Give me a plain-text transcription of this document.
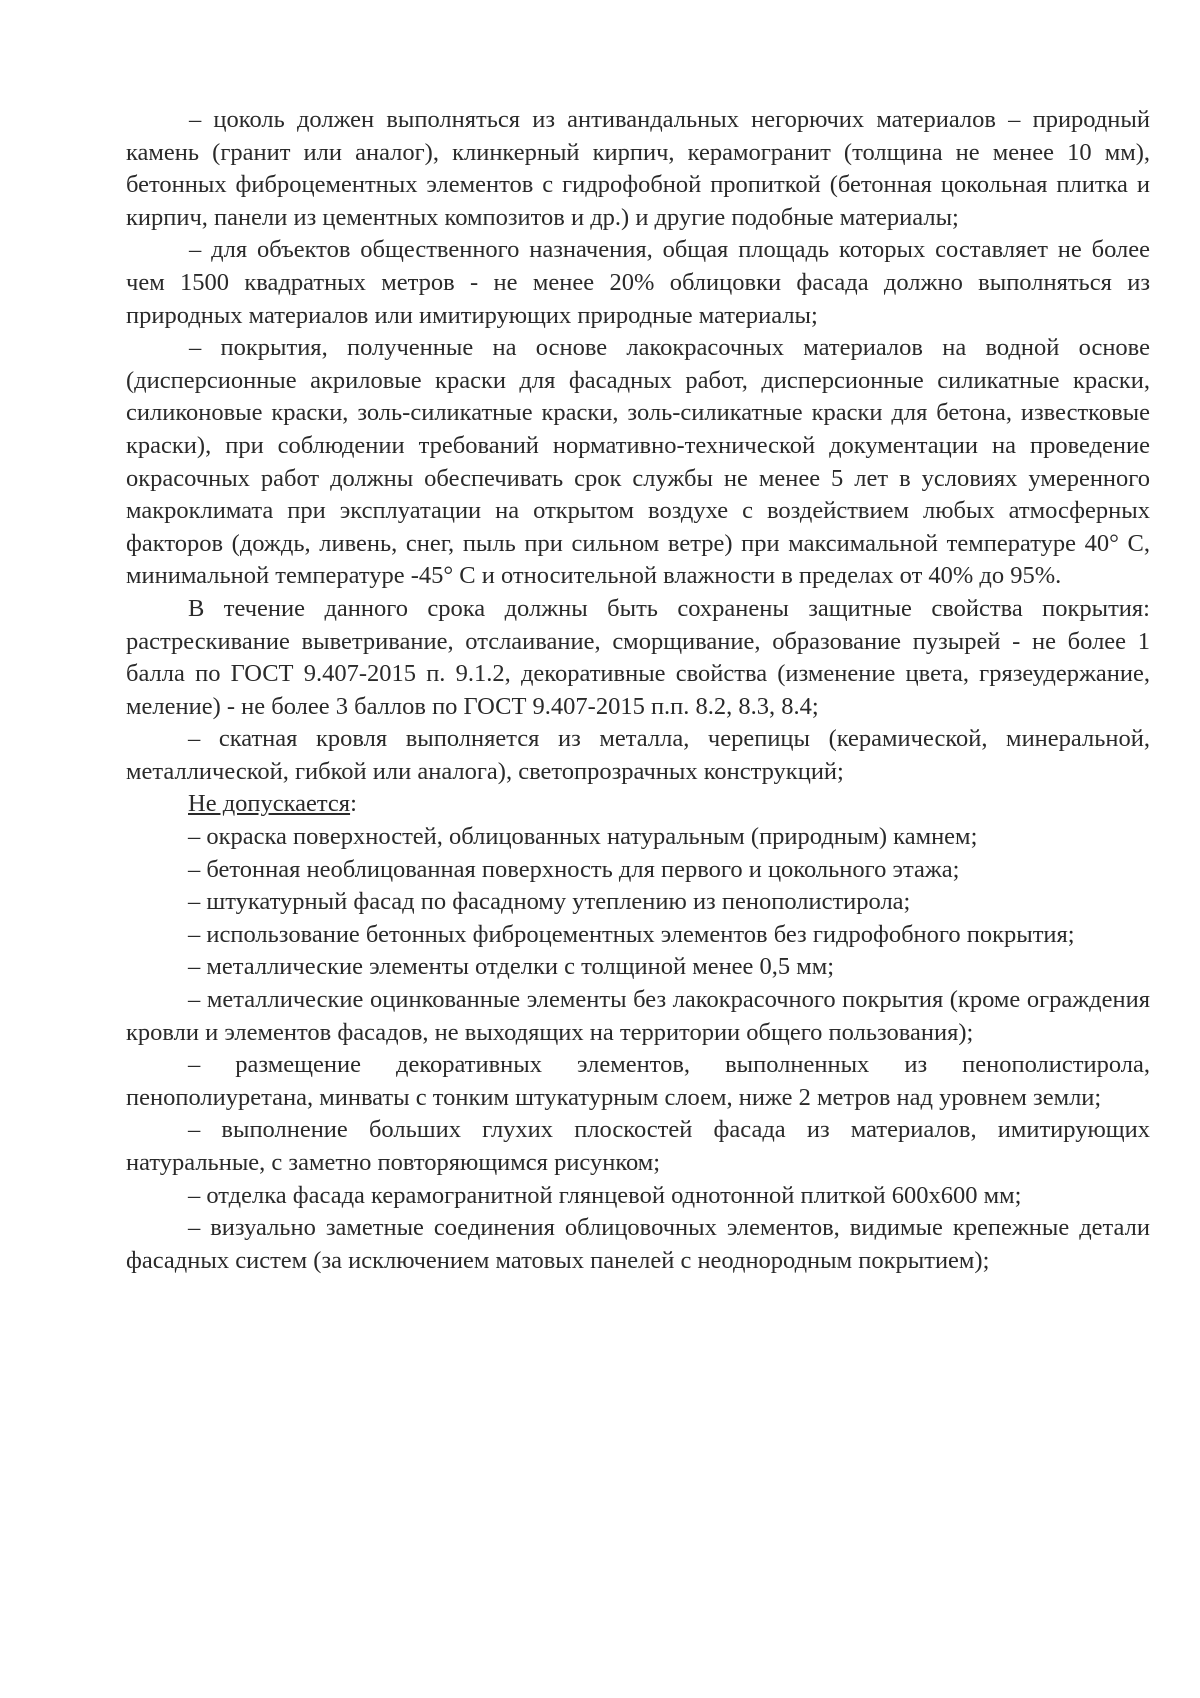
– цоколь должен выполняться из антивандальных негорючих материалов – природный камень (гранит или аналог), клинкерный кирпич, керамогранит (толщина не менее 10 мм), бетонных фиброцементных элементов с гидрофобной пропиткой (бетонная цокольная плитка и кирпич, панели из цементных композитов и др.) и другие подобные материалы;

– для объектов общественного назначения, общая площадь которых составляет не более чем 1500 квадратных метров - не менее 20% облицовки фасада должно выполняться из природных материалов или имитирующих природные материалы;

– покрытия, полученные на основе лакокрасочных материалов на водной основе (дисперсионные акриловые краски для фасадных работ, дисперсионные силикатные краски, силиконовые краски, золь-силикатные краски, золь-силикатные краски для бетона, известковые краски), при соблюдении требований нормативно-технической документации на проведение окрасочных работ должны обеспечивать срок службы не менее 5 лет в условиях умеренного макроклимата при эксплуатации на открытом воздухе с воздействием любых атмосферных факторов (дождь, ливень, снег, пыль при сильном ветре) при максимальной температуре 40° С, минимальной температуре -45° С и относительной влажности в пределах от 40% до 95%.

В течение данного срока должны быть сохранены защитные свойства покрытия: растрескивание выветривание, отслаивание, сморщивание, образование пузырей - не более 1 балла по ГОСТ 9.407-2015 п. 9.1.2, декоративные свойства (изменение цвета, грязеудержание, меление) - не более 3 баллов по ГОСТ 9.407-2015 п.п. 8.2, 8.3, 8.4;

– скатная кровля выполняется из металла, черепицы (керамической, минеральной, металлической, гибкой или аналога), светопрозрачных конструкций;

Не допускается:

– окраска поверхностей, облицованных натуральным (природным) камнем;

– бетонная необлицованная поверхность для первого и цокольного этажа;

– штукатурный фасад по фасадному утеплению из пенополистирола;

– использование бетонных фиброцементных элементов без гидрофобного покрытия;

– металлические элементы отделки с толщиной менее 0,5 мм;

– металлические оцинкованные элементы без лакокрасочного покрытия (кроме ограждения кровли и элементов фасадов, не выходящих на территории общего пользования);

– размещение декоративных элементов, выполненных из пенополистирола, пенополиуретана, минваты с тонким штукатурным слоем, ниже 2 метров над уровнем земли;

– выполнение больших глухих плоскостей фасада из материалов, имитирующих натуральные, с заметно повторяющимся рисунком;

– отделка фасада керамогранитной глянцевой однотонной плиткой 600х600 мм;

– визуально заметные соединения облицовочных элементов, видимые крепежные детали фасадных систем (за исключением матовых панелей с неоднородным покрытием);
